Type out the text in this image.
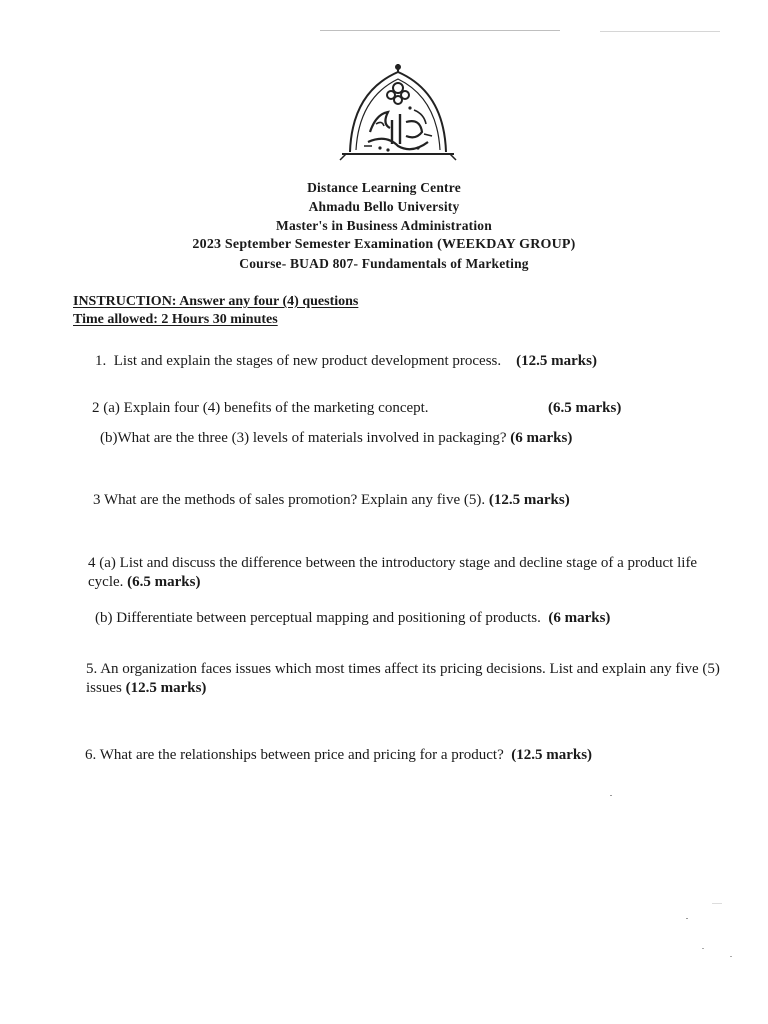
Distance Learning Centre
Ahmadu Bello University
Master's in Business Administration
2023 September Semester Examination (WEEKDAY GROUP)
Course- BUAD 807- Fundamentals of Marketing
INSTRUCTION: Answer any four (4) questions
Time allowed: 2 Hours 30 minutes
1. List and explain the stages of new product development process. (12.5 marks)
2 (a) Explain four (4) benefits of the marketing concept.	(6.5 marks)
(b)What are the three (3) levels of materials involved in packaging? (6 marks)
3 What are the methods of sales promotion? Explain any five (5). (12.5 marks)
4 (a) List and discuss the difference between the introductory stage and decline stage of a product life cycle. (6.5 marks)
(b) Differentiate between perceptual mapping and positioning of products. (6 marks)
5. An organization faces issues which most times affect its pricing decisions. List and explain any five (5) issues (12.5 marks)
6. What are the relationships between price and pricing for a product? (12.5 marks)
